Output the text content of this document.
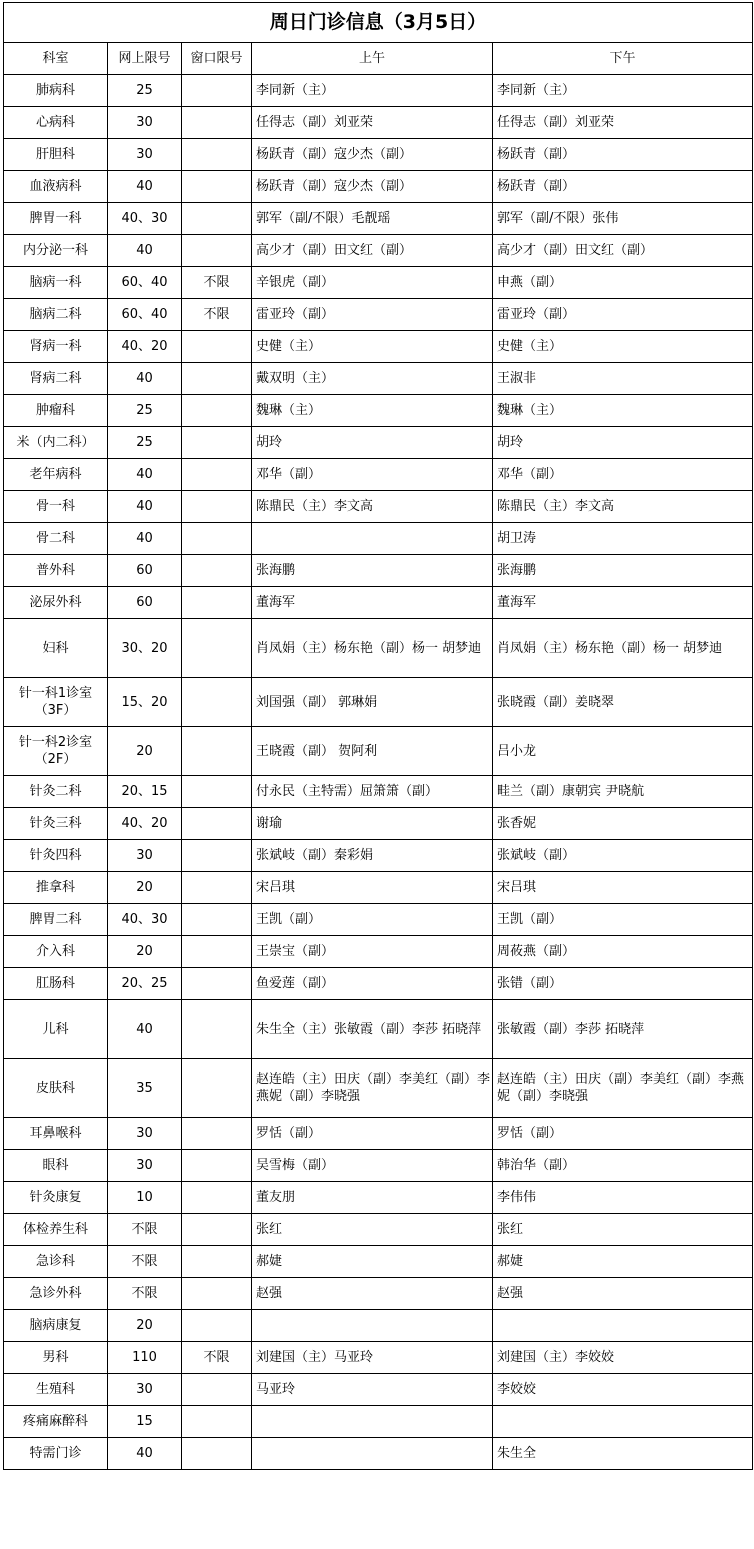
周日门诊信息（3月5日）				
科室	网上限号	窗口限号	上午	下午
肺病科	25		李同新（主）	李同新（主）
心病科	30		任得志（副）刘亚荣	任得志（副）刘亚荣
肝胆科	30		杨跃青（副）寇少杰（副）	杨跃青（副）
血液病科	40		杨跃青（副）寇少杰（副）	杨跃青（副）
脾胃一科	40、30		郭军（副/不限）毛靓瑶	郭军（副/不限）张伟
内分泌一科	40		高少才（副）田文红（副）	高少才（副）田文红（副）
脑病一科	60、40	不限	辛银虎（副）	申燕（副）
脑病二科	60、40	不限	雷亚玲（副）	雷亚玲（副）
肾病一科	40、20		史健（主）	史健（主）
肾病二科	40		戴双明（主）	王淑非
肿瘤科	25		魏琳（主）	魏琳（主）
米（内二科）	25		胡玲	胡玲
老年病科	40		邓华（副）	邓华（副）
骨一科	40		陈鼎民（主）李文高	陈鼎民（主）李文高
骨二科	40			胡卫涛
普外科	60		张海鹏	张海鹏
泌尿外科	60		董海军	董海军
妇科	30、20		肖凤娟（主）杨东艳（副）杨一 胡梦迪	肖凤娟（主）杨东艳（副）杨一 胡梦迪
针一科1诊室（3F）	15、20		刘国强（副） 郭琳娟	张晓霞（副）姜晓翠
针一科2诊室（2F）	20		王晓霞（副） 贺阿利	吕小龙
针灸二科	20、15		付永民（主特需）屈箫箫（副）	畦兰（副）康朝宾 尹晓航
针灸三科	40、20		谢瑜	张香妮
针灸四科	30		张斌岐（副）秦彩娟	张斌岐（副）
推拿科	20		宋吕琪	宋吕琪
脾胃二科	40、30		王凯（副）	王凯（副）
介入科	20		王崇宝（副）	周莜燕（副）
肛肠科	20、25		鱼爱莲（副）	张错（副）
儿科	40		朱生全（主）张敏霞（副）李莎 拓晓萍	张敏霞（副）李莎 拓晓萍
皮肤科	35		赵连皓（主）田庆（副）李美红（副）李燕妮（副）李晓强	赵连皓（主）田庆（副）李美红（副）李燕妮（副）李晓强
耳鼻喉科	30		罗恬（副）	罗恬（副）
眼科	30		吴雪梅（副）	韩治华（副）
针灸康复	10		董友朋	李伟伟
体检养生科	不限		张红	张红
急诊科	不限		郝婕	郝婕
急诊外科	不限		赵强	赵强
脑病康复	20			
男科	110	不限	刘建国（主）马亚玲	刘建国（主）李姣姣
生殖科	30		马亚玲	李姣姣
疼痛麻醉科	15			
特需门诊	40			朱生全
